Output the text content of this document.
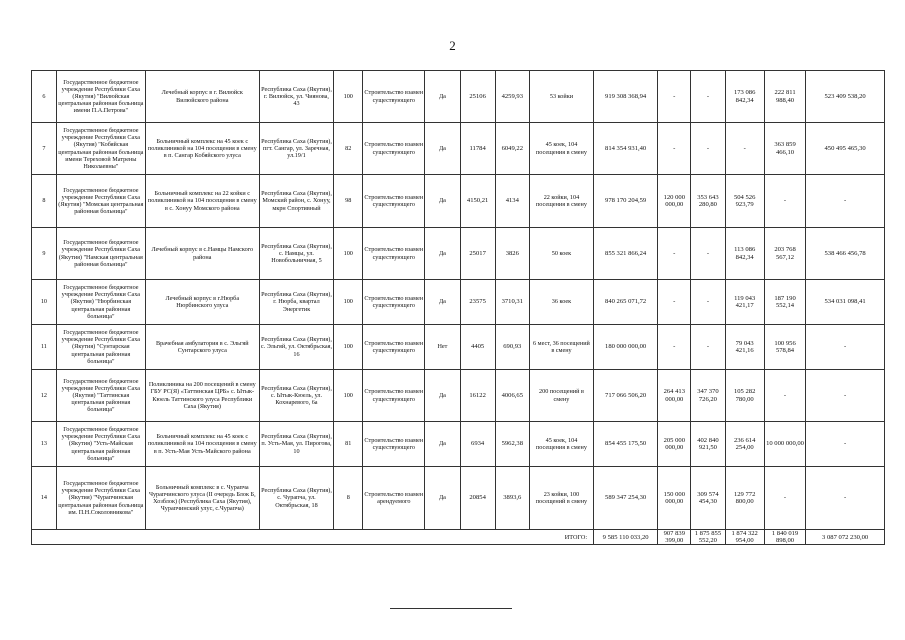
2
6	Государственное бюджетное учреждение Республики Саха (Якутия) "Вилюйская центральная районная больница имени П.А.Петрова"	Лечебный корпус в г. Вилюйск Вилюйского района	Республика Саха (Якутия), г. Вилюйск, ул. Чиянова, 43	100	Строительство взамен существующего	Да	25106	4259,93	53 койки	919 308 368,94	-	-	173 086 842,34	222 811 988,40	523 409 538,20
7	Государственное бюджетное учреждение Республики Саха (Якутия) "Кобяйская центральная районная больница имени Тереховой Матрены Николаевны"	Больничный комплекс на 45 коек с поликлиникой на 104 посещения в смену в п. Сангар Кобяйского улуса	Республика Саха (Якутия), пгт. Сангар, ул. Заречная, ул.19/1	82	Строительство взамен существующего	Да	11784	6049,22	45 коек, 104 посещения в смену	814 354 931,40	-	-	-	363 859 466,10	450 495 465,30
8	Государственное бюджетное учреждение Республики Саха (Якутия) "Момская центральная районная больница"	Больничный комплекс на 22 койки с поликлиникой на 104 посещения в смену в с. Хонуу Момского района	Республика Саха (Якутия), Момский район, с. Хонуу, мкрн Спортивный	98	Строительство взамен существующего	Да	4150,21	4134	22 койки, 104 посещения в смену	978 170 204,59	120 000 000,00	353 643 280,80	504 526 923,79	-	-
9	Государственное бюджетное учреждение Республики Саха (Якутия) "Намская центральная районная больница"	Лечебный корпус в с.Намцы Намского района	Республика Саха (Якутия), с. Намцы, ул. Новобольничная, 5	100	Строительство взамен существующего	Да	25017	3826	50 коек	855 321 866,24	-	-	113 086 842,34	203 768 567,12	538 466 456,78
10	Государственное бюджетное учреждение Республики Саха (Якутия) "Нюрбинская центральная районная больница"	Лечебный корпус в г.Нюрба Нюрбинского улуса	Республика Саха (Якутия), г. Нюрба, квартал Энергетик	100	Строительство взамен существующего	Да	23575	3710,31	36 коек	840 265 071,72	-	-	119 043 421,17	187 190 552,14	534 031 098,41
11	Государственное бюджетное учреждение Республики Саха (Якутия) "Сунтарская центральная районная больница"	Врачебная амбулатория в с. Эльгяй Сунтарского улуса	Республика Саха (Якутия), с. Эльгяй, ул. Октябрьская, 16	100	Строительство взамен существующего	Нет	4405	690,93	6 мест, 36 посещений в смену	180 000 000,00	-	-	79 043 421,16	100 956 578,84	-
12	Государственное бюджетное учреждение Республики Саха (Якутия) "Таттинская центральная районная больница"	Поликлиника на 200 посещений в смену ГБУ РС(Я) «Таттинская ЦРБ» с. Ытык-Кюель Таттинского улуса Республики Саха (Якутия)	Республика Саха (Якутия), с. Ытык-Кюель, ул. Кохнаревого, 6а	100	Строительство взамен существующего	Да	16122	4006,65	200 посещений в смену	717 066 506,20	264 413 000,00	347 370 726,20	105 282 780,00	-	-
13	Государственное бюджетное учреждение Республики Саха (Якутия) "Усть-Майская центральная районная больница"	Больничный комплекс на 45 коек с поликлиникой на 104 посещения в смену в п. Усть-Мая Усть-Майского района	Республика Саха (Якутия), п. Усть-Мая, ул. Пирогова, 10	81	Строительство взамен существующего	Да	6934	5962,38	45 коек, 104 посещения в смену	854 455 175,50	205 000 000,00	402 840 921,50	236 614 254,00	10 000 000,00	-
14	Государственное бюджетное учреждение Республики Саха (Якутия) "Чурапчинская центральная районная больница им. П.Н.Соколовникова"	Больничный комплекс в с. Чурапча Чурапчинского улуса (II очередь Блок Б, Хозблок) (Республика Саха (Якутия), Чурапчинский улус, с.Чурапча)	Республика Саха (Якутия), с. Чурапча, ул. Октябрьская, 18	8	Строительство взамен арендуемого	Да	20854	3893,6	23 койки, 100 посещений в смену	589 347 254,30	150 000 000,00	309 574 454,30	129 772 800,00	-	-
ИТОГО:										9 585 110 033,20	907 839 399,00	1 875 855 552,20	1 874 322 954,00	1 840 019 898,00	3 087 072 230,00
